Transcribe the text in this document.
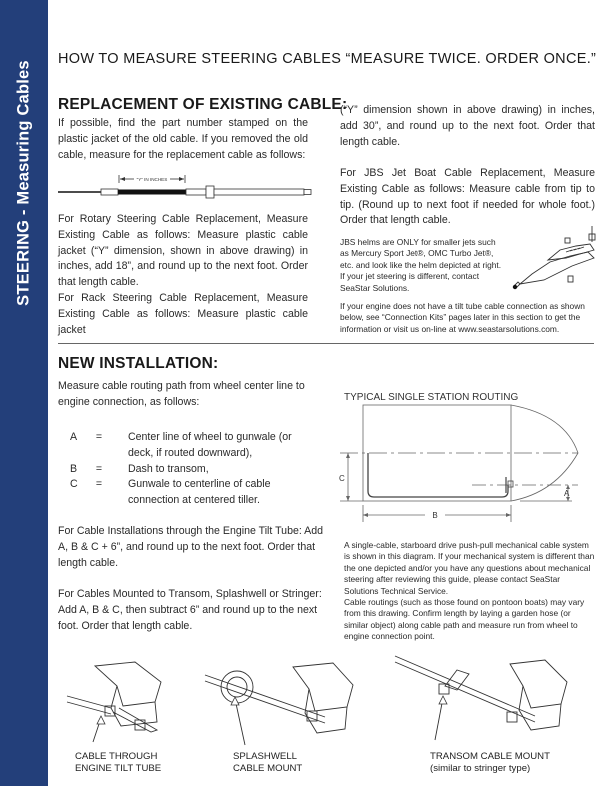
STEERING - Measuring Cables
HOW TO MEASURE STEERING CABLES “MEASURE TWICE. ORDER ONCE.”
REPLACEMENT OF EXISTING CABLE:
If possible, find the part number stamped on the plastic jacket of the old cable. If you removed the old cable, measure for the replacement cable as follows:
“Y” IN INCHES
For Rotary Steering Cable Replacement, Measure Existing Cable as follows: Measure plastic cable jacket (“Y” dimension, shown in above drawing) in inches, add 18”, and round up to the next foot. Order that length cable.
For Rack Steering Cable Replacement, Measure Existing Cable as follows: Measure plastic cable jacket
(“Y” dimension shown in above drawing) in inches, add 30”, and round up to the next foot. Order that length cable.
For JBS Jet Boat Cable Replacement, Measure Existing Cable as follows: Measure cable from tip to tip. (Round up to next foot if needed for whole foot.) Order that length cable.
JBS helms are ONLY for smaller jets such as Mercury Sport Jet®, OMC Turbo Jet®, etc. and look like the helm depicted at right. If your jet steering is different, contact SeaStar Solutions.
If your engine does not have a tilt tube cable connection as shown below, see “Connection Kits” pages later in this section to get the information or visit us on-line at www.seastarsolutions.com.
NEW INSTALLATION:
Measure cable routing path from wheel center line to engine connection, as follows:
A = Center line of wheel to gunwale (or deck, if routed downward),
B = Dash to transom,
C = Gunwale to centerline of cable connection at centered tiller.
For Cable Installations through the Engine Tilt Tube: Add A, B & C + 6”, and round up to the next foot. Order that length cable.
For Cables Mounted to Transom, Splashwell or Stringer: Add A, B & C, then subtract 6” and round up to the next foot. Order that length cable.
TYPICAL SINGLE STATION ROUTING
C
A
B
A single-cable, starboard drive push-pull mechanical cable system is shown in this diagram. If your mechanical system is different than the one depicted and/or you have any questions about mechanical steering after reviewing this guide, please contact SeaStar Solutions Technical Service.
Cable routings (such as those found on pontoon boats) may vary from this drawing. Confirm length by laying a garden hose (or similar object) along cable path and measure run from wheel to engine connection point.
CABLE THROUGH
ENGINE TILT TUBE
SPLASHWELL
CABLE MOUNT
TRANSOM CABLE MOUNT
(similar to stringer type)
